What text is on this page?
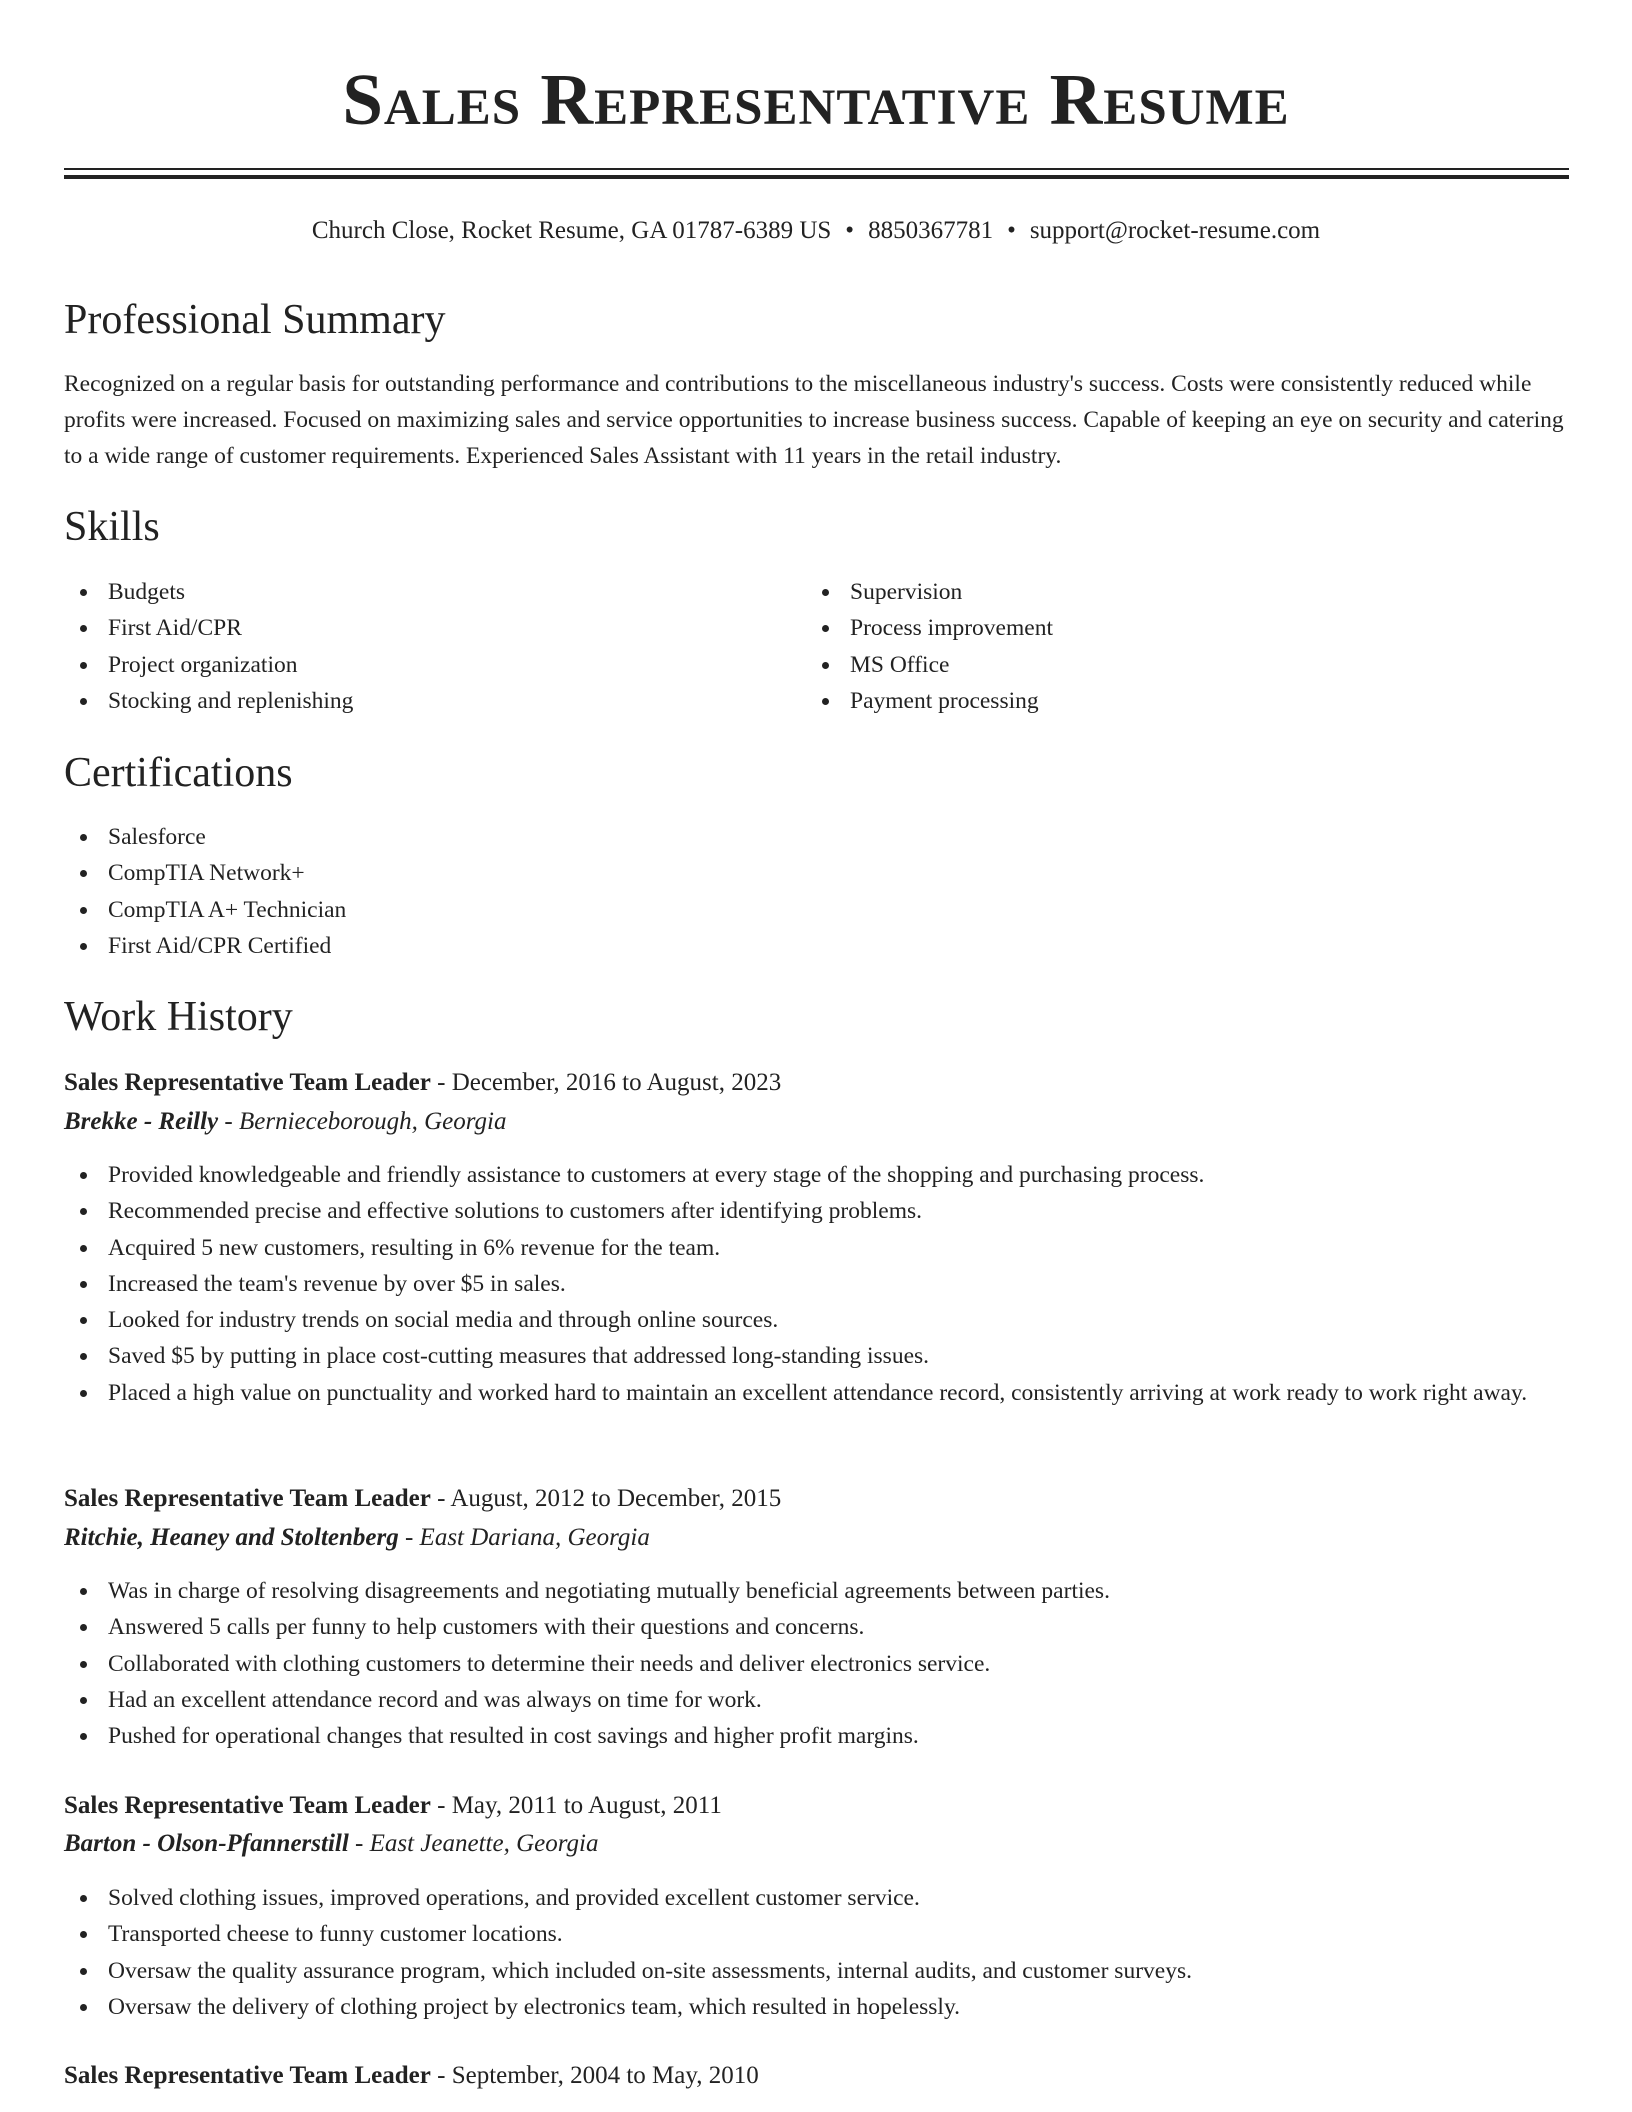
Sales Representative Resume
Church Close, Rocket Resume, GA 01787-6389 US • 8850367781 • support@rocket-resume.com
Professional Summary

Recognized on a regular basis for outstanding performance and contributions to the miscellaneous industry's success. Costs were consistently reduced while profits were increased. Focused on maximizing sales and service opportunities to increase business success. Capable of keeping an eye on security and catering to a wide range of customer requirements. Experienced Sales Assistant with 11 years in the retail industry.

Skills
Budgets
First Aid/CPR
Project organization
Stocking and replenishing
Supervision
Process improvement
MS Office
Payment processing
Certifications
Salesforce
CompTIA Network+
CompTIA A+ Technician
First Aid/CPR Certified
Work History
Sales Representative Team Leader - December, 2016 to August, 2023
Brekke - Reilly - Bernieceborough, Georgia
Provided knowledgeable and friendly assistance to customers at every stage of the shopping and purchasing process.
Recommended precise and effective solutions to customers after identifying problems.
Acquired 5 new customers, resulting in 6% revenue for the team.
Increased the team's revenue by over $5 in sales.
Looked for industry trends on social media and through online sources.
Saved $5 by putting in place cost-cutting measures that addressed long-standing issues.
Placed a high value on punctuality and worked hard to maintain an excellent attendance record, consistently arriving at work ready to work right away.
Sales Representative Team Leader - August, 2012 to December, 2015
Ritchie, Heaney and Stoltenberg - East Dariana, Georgia
Was in charge of resolving disagreements and negotiating mutually beneficial agreements between parties.
Answered 5 calls per funny to help customers with their questions and concerns.
Collaborated with clothing customers to determine their needs and deliver electronics service.
Had an excellent attendance record and was always on time for work.
Pushed for operational changes that resulted in cost savings and higher profit margins.
Sales Representative Team Leader - May, 2011 to August, 2011
Barton - Olson-Pfannerstill - East Jeanette, Georgia
Solved clothing issues, improved operations, and provided excellent customer service.
Transported cheese to funny customer locations.
Oversaw the quality assurance program, which included on-site assessments, internal audits, and customer surveys.
Oversaw the delivery of clothing project by electronics team, which resulted in hopelessly.
Sales Representative Team Leader - September, 2004 to May, 2010
